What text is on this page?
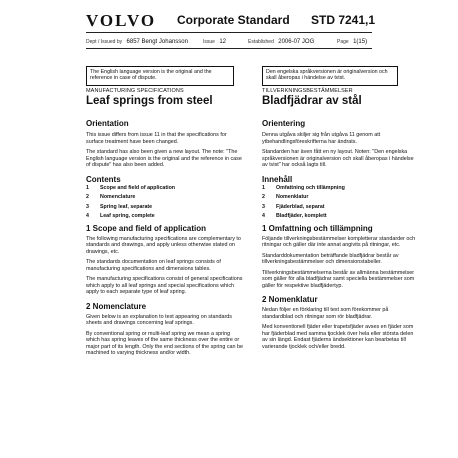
VOLVO Corporate Standard STD 7241,1
Dept / Issued by 6857 Bengt Johansson	Issue 12	Established 2006-07 JOG	Page 1(15)
The English language version is the original and the reference in case of dispute.
Den engelska språkversionen är originalversion och skall åberopas i händelse av tvist.
MANUFACTURING SPECIFICATIONS
Leaf springs from steel
Orientation
This issue differs from issue 11 in that the specifications for surface treatment have been changed.
The standard has also been given a new layout. The note: "The English language version is the original and the reference in case of dispute" has also been added.
Contents
1 Scope and field of application
2 Nomenclature
3 Spring leaf, separate
4 Leaf spring, complete
1 Scope and field of application
The following manufacturing specifications are complementary to standards and drawings, and apply unless otherwise stated on drawings, etc.
The standards documentation on leaf springs consists of manufacturing specifications and dimensions tables.
The manufacturing specifications consist of general specifications which apply to all leaf springs and special specifications which apply to each separate type of leaf spring.
2 Nomenclature
Given below is an explanation to text appearing on standards sheets and drawings concerning leaf springs.
By conventional spring or multi-leaf spring we mean a spring which has spring leaves of the same thickness over the entire or major part of its length. Only the end sections of the spring can be machined to varying thickness and/or width.
TILLVERKNINGSBESTÄMMELSER
Bladfjädrar av stål
Orientering
Denna utgåva skiljer sig från utgåva 11 genom att ytbehandlingsföreskrifterna har ändrats.
Standarden har även fått en ny layout. Noten: "Den engelska språkversionen är originalversion och skall åberopas i händelse av tvist" har också lagts till.
Innehåll
1 Omfattning och tillämpning
2 Nomenklatur
3 Fjäderblad, separat
4 Bladfjäder, komplett
1 Omfattning och tillämpning
Följande tillverkningsbestämmelser kompletterar standarder och ritningar och gäller där inte annat angivits på ritningar, etc.
Standarddokumentation beträffande bladfjädrar består av tillverkningsbestämmelser och dimensionstabeller.
Tillverkningsbestämmelserna består av allmänna bestämmelser som gäller för alla bladfjädrar samt speciella bestämmelser som gäller för respektive bladfjädertyp.
2 Nomenklatur
Nedan följer en förklaring till text som förekommer på standardblad och ritningar som rör bladfjädrar.
Med konventionell fjäder eller trapetsfjäder avses en fjäder som har fjäderblad med samma tjocklek över hela eller största delen av sin längd. Endast fjäderns ändsektioner kan bearbetas till varierande tjocklek och/eller bredd.
